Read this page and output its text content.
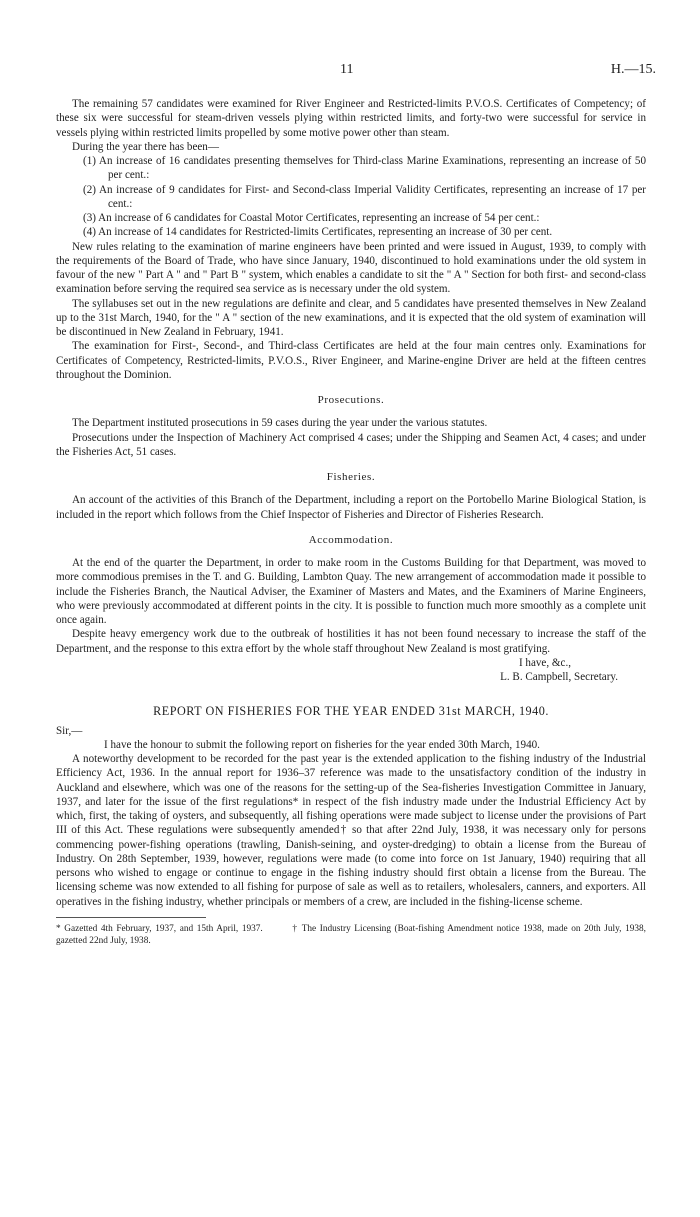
11	H.—15.

The remaining 57 candidates were examined for River Engineer and Restricted-limits P.V.O.S. Certificates of Competency; of these six were successful for steam-driven vessels plying within restricted limits, and forty-two were successful for service in vessels plying within restricted limits propelled by some motive power other than steam.

During the year there has been—

(1) An increase of 16 candidates presenting themselves for Third-class Marine Examinations, representing an increase of 50 per cent.:

(2) An increase of 9 candidates for First- and Second-class Imperial Validity Certificates, representing an increase of 17 per cent.:

(3) An increase of 6 candidates for Coastal Motor Certificates, representing an increase of 54 per cent.:

(4) An increase of 14 candidates for Restricted-limits Certificates, representing an increase of 30 per cent.

New rules relating to the examination of marine engineers have been printed and were issued in August, 1939, to comply with the requirements of the Board of Trade, who have since January, 1940, discontinued to hold examinations under the old system in favour of the new " Part A " and " Part B " system, which enables a candidate to sit the " A " Section for both first- and second-class examination before serving the required sea service as is necessary under the old system.

The syllabuses set out in the new regulations are definite and clear, and 5 candidates have presented themselves in New Zealand up to the 31st March, 1940, for the " A " section of the new examinations, and it is expected that the old system of examination will be discontinued in New Zealand in February, 1941.

The examination for First-, Second-, and Third-class Certificates are held at the four main centres only. Examinations for Certificates of Competency, Restricted-limits, P.V.O.S., River Engineer, and Marine-engine Driver are held at the fifteen centres throughout the Dominion.

Prosecutions.

The Department instituted prosecutions in 59 cases during the year under the various statutes.

Prosecutions under the Inspection of Machinery Act comprised 4 cases; under the Shipping and Seamen Act, 4 cases; and under the Fisheries Act, 51 cases.

Fisheries.

An account of the activities of this Branch of the Department, including a report on the Portobello Marine Biological Station, is included in the report which follows from the Chief Inspector of Fisheries and Director of Fisheries Research.

Accommodation.

At the end of the quarter the Department, in order to make room in the Customs Building for that Department, was moved to more commodious premises in the T. and G. Building, Lambton Quay. The new arrangement of accommodation made it possible to include the Fisheries Branch, the Nautical Adviser, the Examiner of Masters and Mates, and the Examiners of Marine Engineers, who were previously accommodated at different points in the city. It is possible to function much more smoothly as a complete unit once again.

Despite heavy emergency work due to the outbreak of hostilities it has not been found necessary to increase the staff of the Department, and the response to this extra effort by the whole staff throughout New Zealand is most gratifying.

I have, &c.,

L. B. Campbell, Secretary.

REPORT ON FISHERIES FOR THE YEAR ENDED 31st MARCH, 1940.

Sir,—

I have the honour to submit the following report on fisheries for the year ended 30th March, 1940.

A noteworthy development to be recorded for the past year is the extended application to the fishing industry of the Industrial Efficiency Act, 1936. In the annual report for 1936–37 reference was made to the unsatisfactory condition of the industry in Auckland and elsewhere, which was one of the reasons for the setting-up of the Sea-fisheries Investigation Committee in January, 1937, and later for the issue of the first regulations* in respect of the fish industry made under the Industrial Efficiency Act by which, first, the taking of oysters, and subsequently, all fishing operations were made subject to license under the provisions of Part III of this Act. These regulations were subsequently amended† so that after 22nd July, 1938, it was necessary only for persons commencing power-fishing operations (trawling, Danish-seining, and oyster-dredging) to obtain a license from the Bureau of Industry. On 28th September, 1939, however, regulations were made (to come into force on 1st January, 1940) requiring that all persons who wished to engage or continue to engage in the fishing industry should first obtain a license from the Bureau. The licensing scheme was now extended to all fishing for purpose of sale as well as to retailers, wholesalers, canners, and exporters. All operatives in the fishing industry, whether principals or members of a crew, are included in the fishing-license scheme.

* Gazetted 4th February, 1937, and 15th April, 1937.	† The Industry Licensing (Boat-fishing Amendment notice 1938, made on 20th July, 1938, gazetted 22nd July, 1938.
